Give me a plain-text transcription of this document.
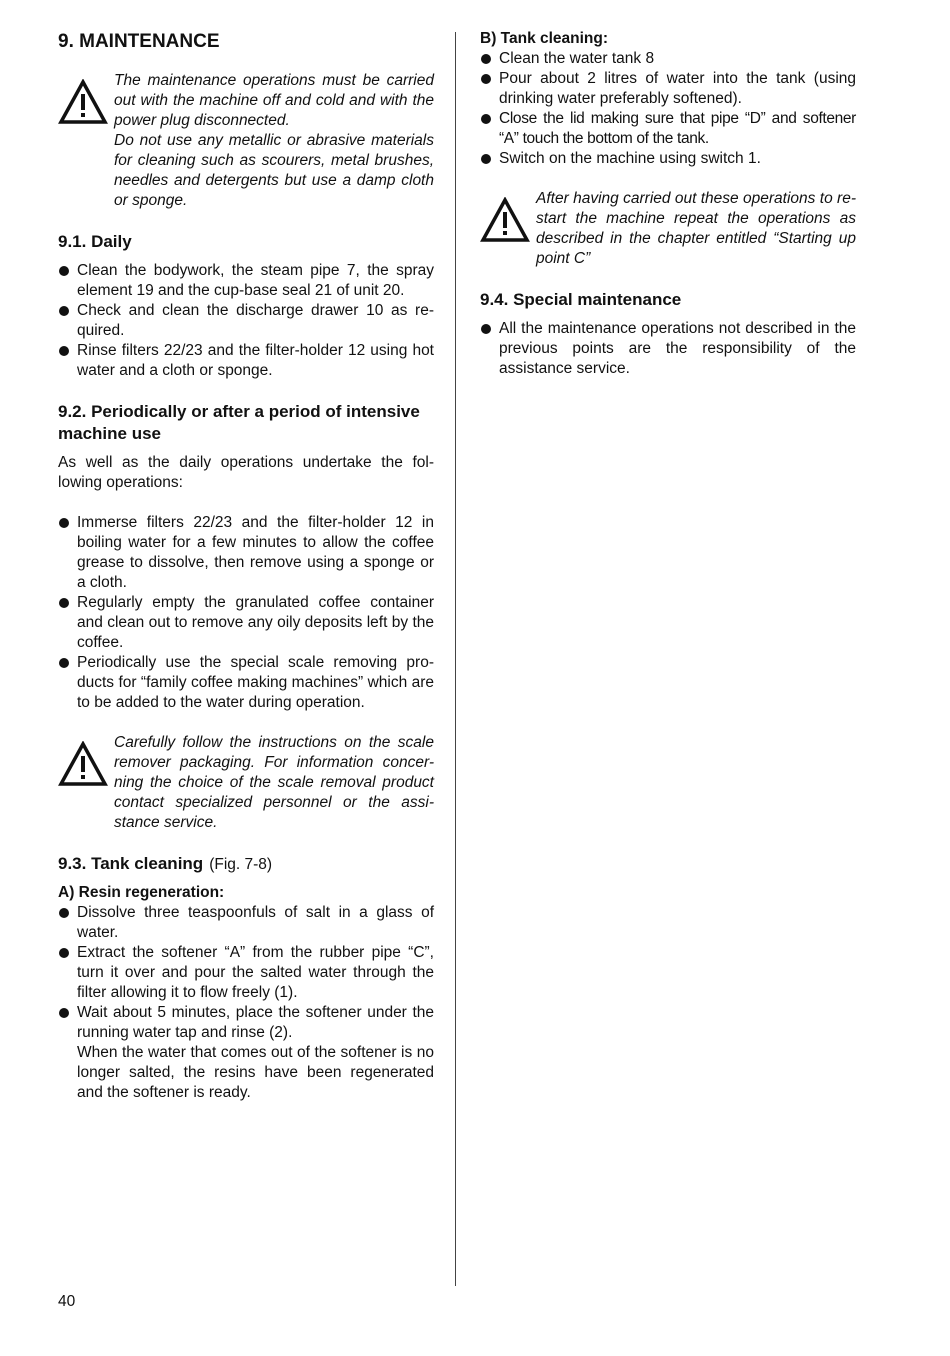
9. MAINTENANCE

The maintenance operations must be carried out with the machine off and cold and with the power plug disconnected.
Do not use any metallic or abrasive materials for cleaning such as scourers, metal brushes, needles and detergents but use a damp cloth or sponge.

9.1. Daily
Clean the bodywork, the steam pipe 7, the spray element 19 and the cup-base seal 21 of unit 20.
Check and clean the discharge drawer 10 as re-quired.
Rinse filters 22/23 and the filter-holder 12 using hot water and a cloth or sponge.
9.2. Periodically or after a period of intensive machine use

As well as the daily operations undertake the fol-lowing operations:

Immerse filters 22/23 and the filter-holder 12 in boiling water for a few minutes to allow the coffee grease to dissolve, then remove using a sponge or a cloth.
Regularly empty the granulated coffee container and clean out to remove any oily deposits left by the coffee.
Periodically use the special scale removing pro-ducts for “family coffee making machines” which are to be added to the water during operation.

Carefully follow the instructions on the scale remover packaging. For information concer-ning the choice of the scale removal product contact specialized personnel or the assi-stance service.

9.3. Tank cleaning (Fig. 7-8)
A) Resin regeneration:
Dissolve three teaspoonfuls of salt in a glass of water.
Extract the softener “A” from the rubber pipe “C”, turn it over and pour the salted water through the filter allowing it to flow freely (1).
Wait about 5 minutes, place the softener under the running water tap and rinse (2).
When the water that comes out of the softener is no longer salted, the resins have been regenerated and the softener is ready.
B) Tank cleaning:
Clean the water tank 8
Pour about 2 litres of water into the tank (using drinking water preferably softened).
Close the lid making sure that pipe “D” and softener “A” touch the bottom of the tank.
Switch on the machine using switch 1.

After having carried out these operations to re-start the machine repeat the operations as described in the chapter entitled “Starting up point C”

9.4. Special maintenance
All the maintenance operations not described in the previous points are the responsibility of the assistance service.
40
